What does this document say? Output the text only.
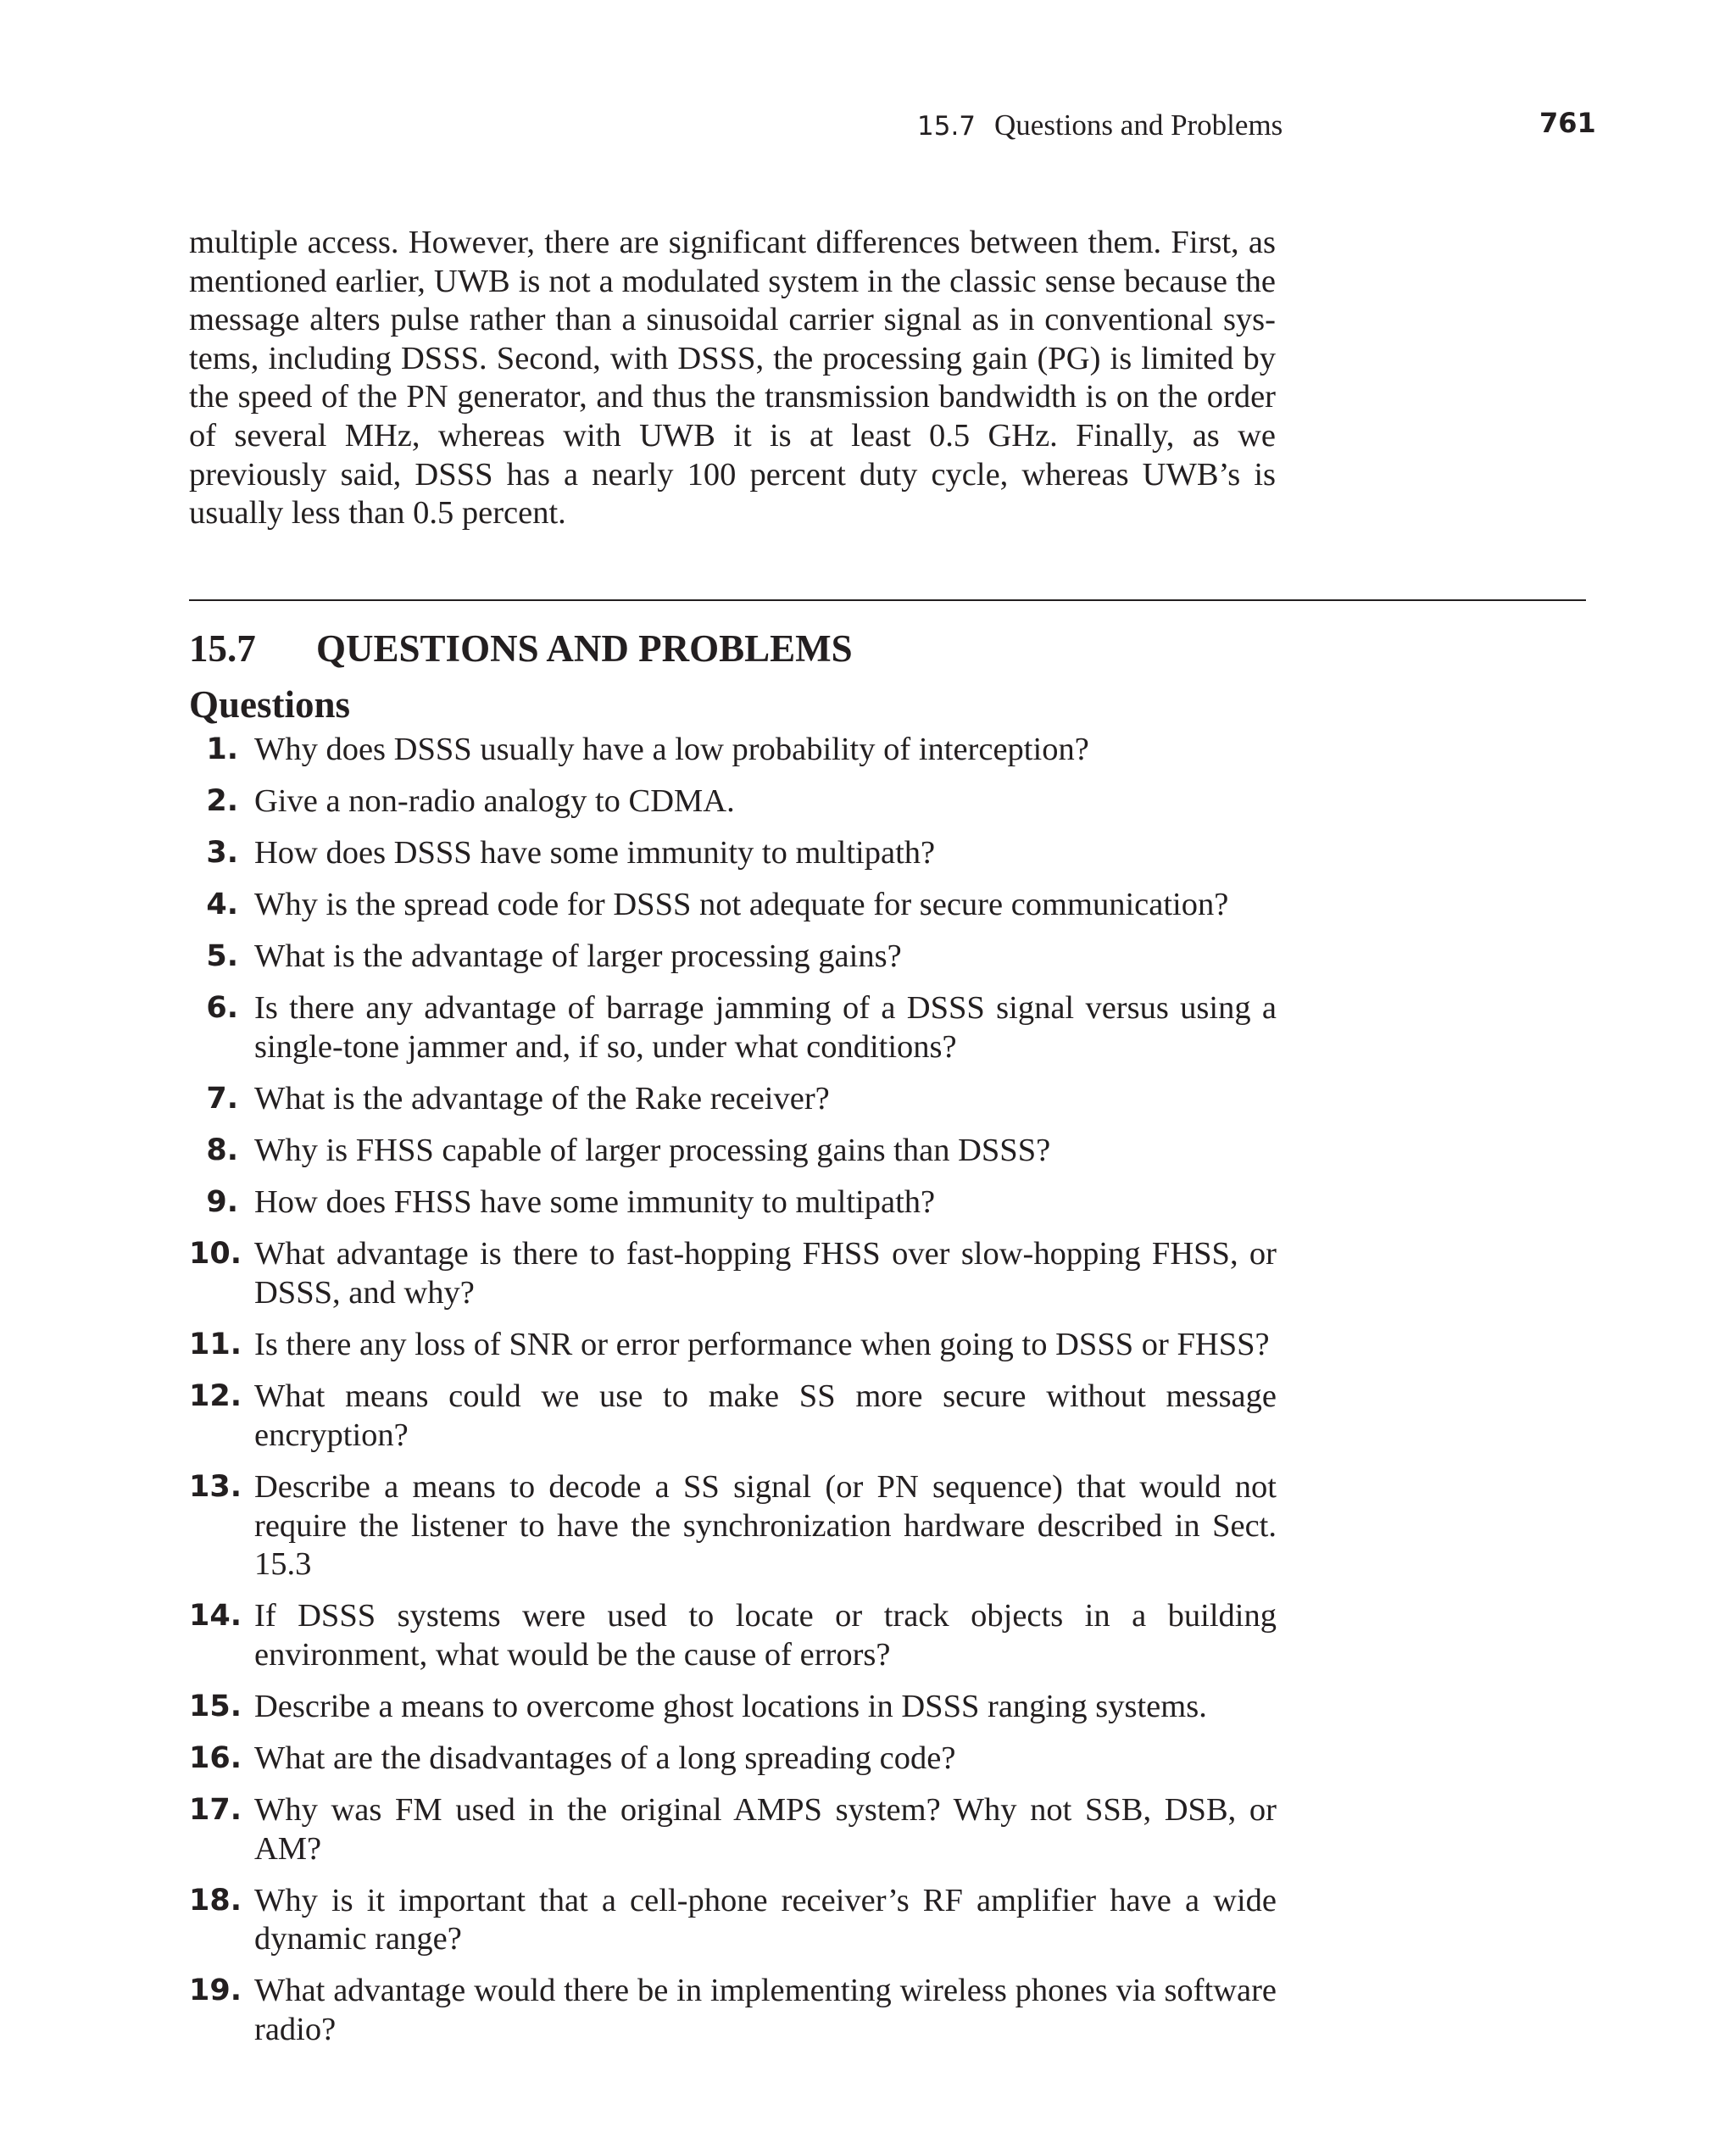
15.7 Questions and Problems	761

multiple access. However, there are significant differences between them. First, as mentioned earlier, UWB is not a modulated system in the classic sense because the message alters pulse rather than a sinusoidal carrier signal as in conventional sys- tems, including DSSS. Second, with DSSS, the processing gain (PG) is limited by the speed of the PN generator, and thus the transmission bandwidth is on the order of several MHz, whereas with UWB it is at least 0.5 GHz. Finally, as we previously said, DSSS has a nearly 100 percent duty cycle, whereas UWB’s is usually less than 0.5 percent.

15.7 QUESTIONS AND PROBLEMS
Questions
1. Why does DSSS usually have a low probability of interception?
2. Give a non-radio analogy to CDMA.
3. How does DSSS have some immunity to multipath?
4. Why is the spread code for DSSS not adequate for secure communication?
5. What is the advantage of larger processing gains?
6. Is there any advantage of barrage jamming of a DSSS signal versus using a single-tone jammer and, if so, under what conditions?
7. What is the advantage of the Rake receiver?
8. Why is FHSS capable of larger processing gains than DSSS?
9. How does FHSS have some immunity to multipath?
10. What advantage is there to fast-hopping FHSS over slow-hopping FHSS, or DSSS, and why?
11. Is there any loss of SNR or error performance when going to DSSS or FHSS?
12. What means could we use to make SS more secure without message encryption?
13. Describe a means to decode a SS signal (or PN sequence) that would not require the listener to have the synchronization hardware described in Sect. 15.3
14. If DSSS systems were used to locate or track objects in a building environment, what would be the cause of errors?
15. Describe a means to overcome ghost locations in DSSS ranging systems.
16. What are the disadvantages of a long spreading code?
17. Why was FM used in the original AMPS system? Why not SSB, DSB, or AM?
18. Why is it important that a cell-phone receiver’s RF amplifier have a wide dynamic range?
19. What advantage would there be in implementing wireless phones via software radio?
